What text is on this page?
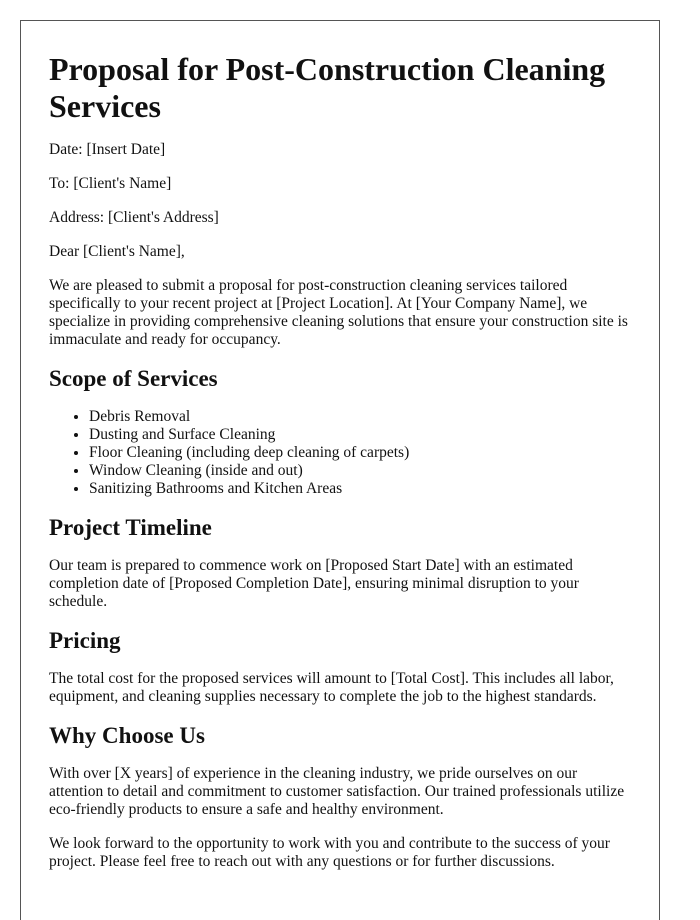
Proposal for Post-Construction Cleaning Services

Date: [Insert Date]

To: [Client's Name]

Address: [Client's Address]

Dear [Client's Name],

We are pleased to submit a proposal for post-construction cleaning services tailored specifically to your recent project at [Project Location]. At [Your Company Name], we specialize in providing comprehensive cleaning solutions that ensure your construction site is immaculate and ready for occupancy.

Scope of Services
• Debris Removal
• Dusting and Surface Cleaning
• Floor Cleaning (including deep cleaning of carpets)
• Window Cleaning (inside and out)
• Sanitizing Bathrooms and Kitchen Areas
Project Timeline

Our team is prepared to commence work on [Proposed Start Date] with an estimated completion date of [Proposed Completion Date], ensuring minimal disruption to your schedule.

Pricing

The total cost for the proposed services will amount to [Total Cost]. This includes all labor, equipment, and cleaning supplies necessary to complete the job to the highest standards.

Why Choose Us

With over [X years] of experience in the cleaning industry, we pride ourselves on our attention to detail and commitment to customer satisfaction. Our trained professionals utilize eco-friendly products to ensure a safe and healthy environment.

We look forward to the opportunity to work with you and contribute to the success of your project. Please feel free to reach out with any questions or for further discussions.
